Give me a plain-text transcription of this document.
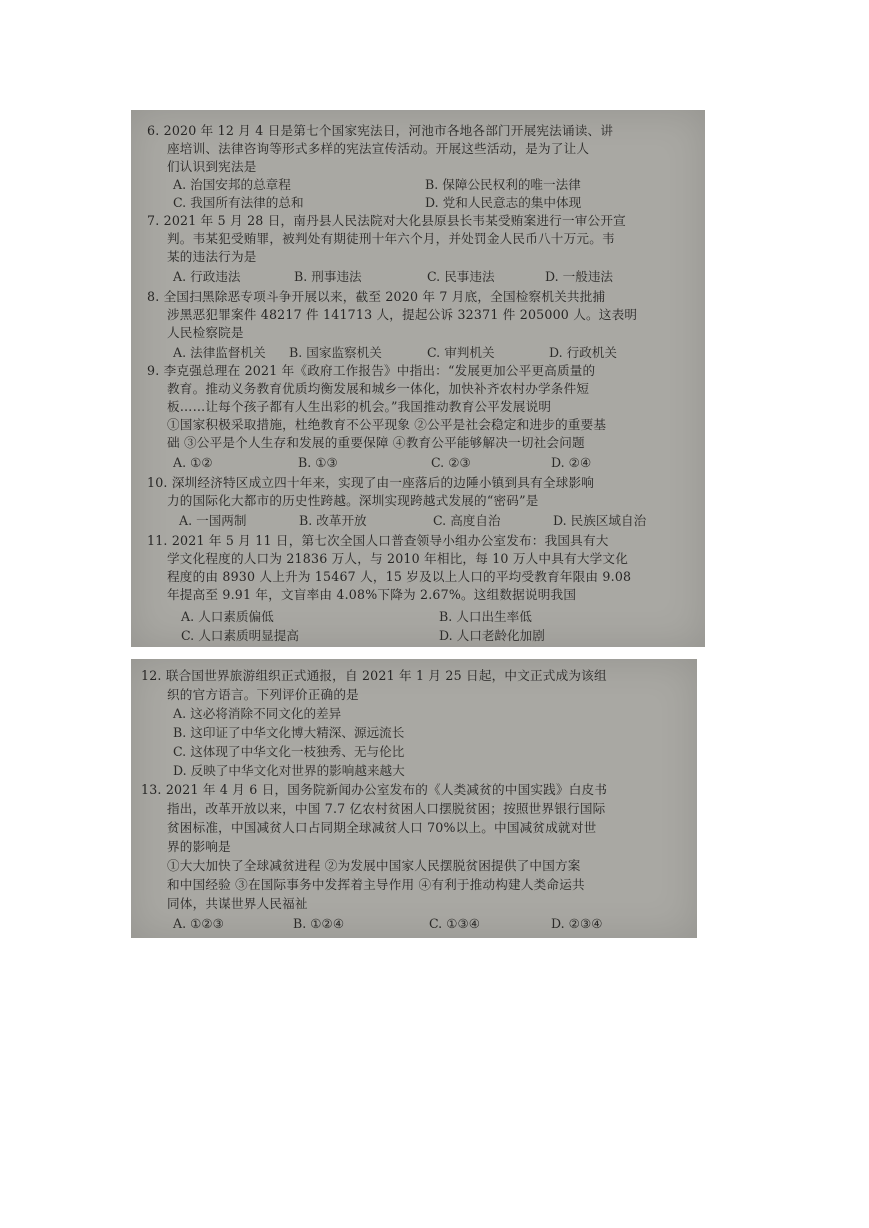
6. 2020 年 12 月 4 日是第七个国家宪法日，河池市各地各部门开展宪法诵读、讲
座培训、法律咨询等形式多样的宪法宣传活动。开展这些活动，是为了让人
们认识到宪法是
A. 治国安邦的总章程	B. 保障公民权利的唯一法律
C. 我国所有法律的总和	D. 党和人民意志的集中体现
7. 2021 年 5 月 28 日，南丹县人民法院对大化县原县长韦某受贿案进行一审公开宣
判。韦某犯受贿罪，被判处有期徒刑十年六个月，并处罚金人民币八十万元。韦
某的违法行为是
A. 行政违法	B. 刑事违法	C. 民事违法	D. 一般违法
8. 全国扫黑除恶专项斗争开展以来，截至 2020 年 7 月底，全国检察机关共批捕
涉黑恶犯罪案件 48217 件 141713 人，提起公诉 32371 件 205000 人。这表明
人民检察院是
A. 法律监督机关 B. 国家监察机关	C. 审判机关	D. 行政机关
9. 李克强总理在 2021 年《政府工作报告》中指出：“发展更加公平更高质量的
教育。推动义务教育优质均衡发展和城乡一体化，加快补齐农村办学条件短
板……让每个孩子都有人生出彩的机会。”我国推动教育公平发展说明
①国家积极采取措施，杜绝教育不公平现象 ②公平是社会稳定和进步的重要基
础 ③公平是个人生存和发展的重要保障 ④教育公平能够解决一切社会问题
A. ①②	B. ①③	C. ②③	D. ②④
10. 深圳经济特区成立四十年来，实现了由一座落后的边陲小镇到具有全球影响
力的国际化大都市的历史性跨越。深圳实现跨越式发展的“密码”是
A. 一国两制	B. 改革开放	C. 高度自治	D. 民族区域自治
11. 2021 年 5 月 11 日，第七次全国人口普查领导小组办公室发布：我国具有大
学文化程度的人口为 21836 万人，与 2010 年相比，每 10 万人中具有大学文化
程度的由 8930 人上升为 15467 人，15 岁及以上人口的平均受教育年限由 9.08
年提高至 9.91 年，文盲率由 4.08%下降为 2.67%。这组数据说明我国
A. 人口素质偏低	B. 人口出生率低
C. 人口素质明显提高	D. 人口老龄化加剧
12. 联合国世界旅游组织正式通报，自 2021 年 1 月 25 日起，中文正式成为该组
织的官方语言。下列评价正确的是
A. 这必将消除不同文化的差异
B. 这印证了中华文化博大精深、源远流长
C. 这体现了中华文化一枝独秀、无与伦比
D. 反映了中华文化对世界的影响越来越大
13. 2021 年 4 月 6 日，国务院新闻办公室发布的《人类减贫的中国实践》白皮书
指出，改革开放以来，中国 7.7 亿农村贫困人口摆脱贫困；按照世界银行国际
贫困标准，中国减贫人口占同期全球减贫人口 70%以上。中国减贫成就对世
界的影响是
①大大加快了全球减贫进程 ②为发展中国家人民摆脱贫困提供了中国方案
和中国经验 ③在国际事务中发挥着主导作用 ④有利于推动构建人类命运共
同体，共谋世界人民福祉
A. ①②③	B. ①②④	C. ①③④	D. ②③④
